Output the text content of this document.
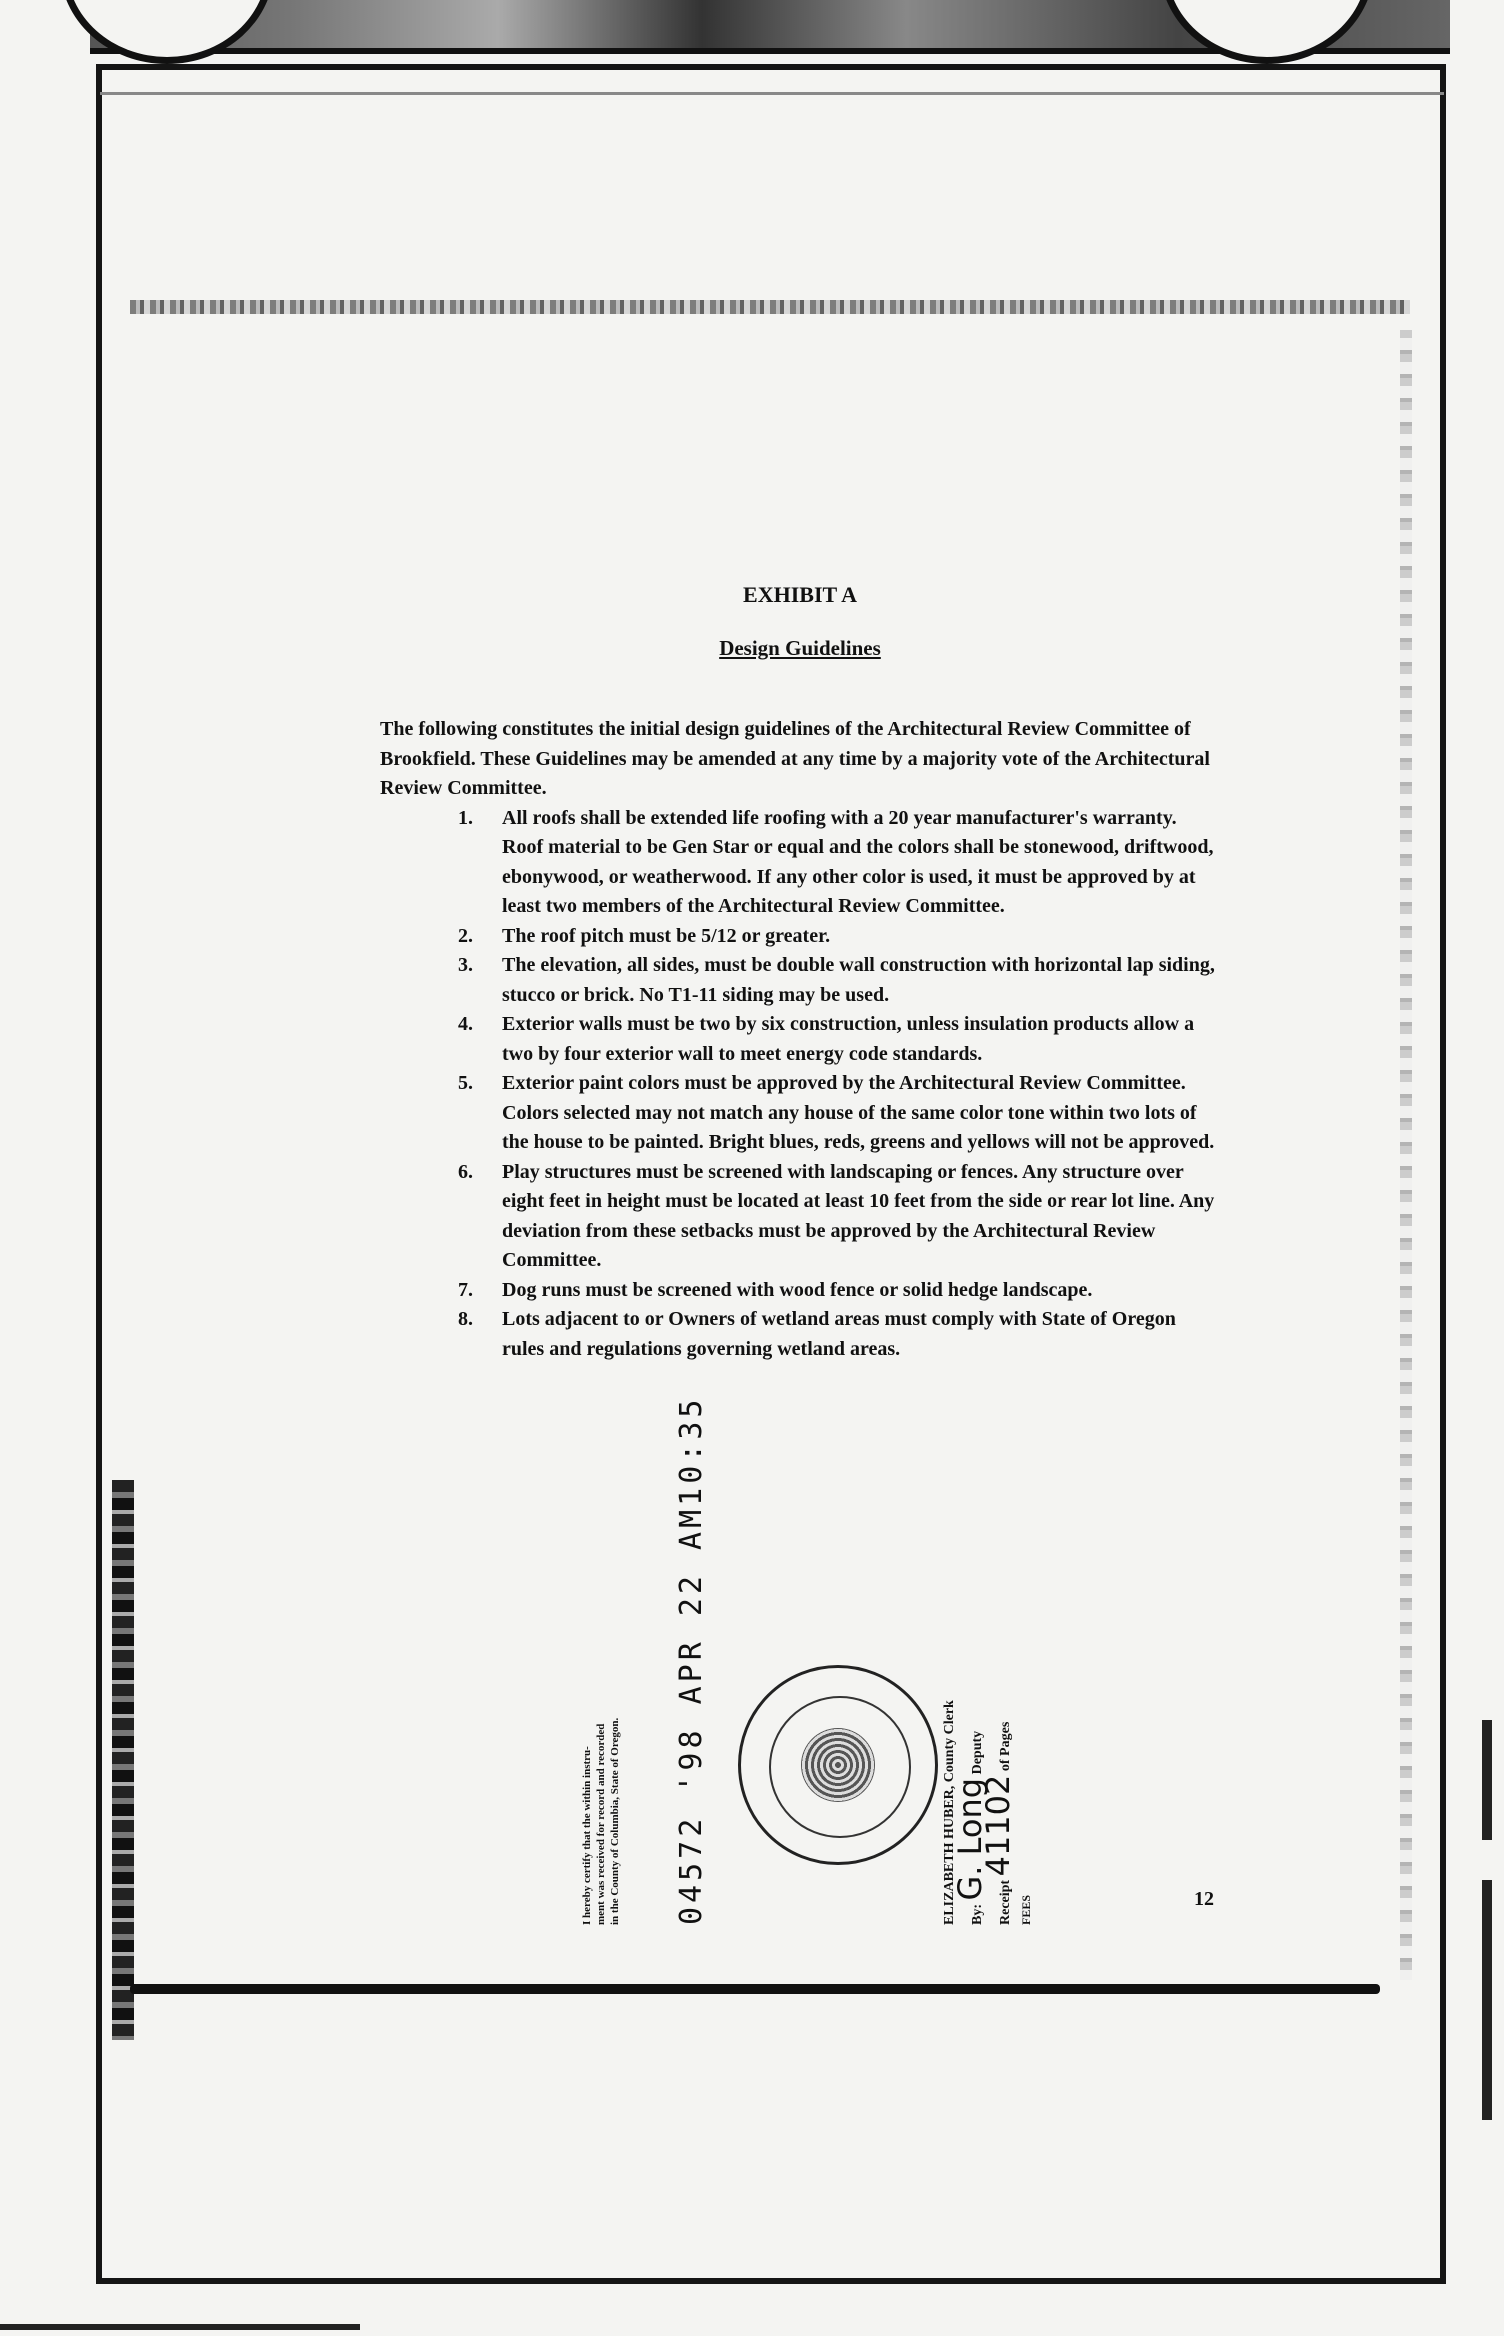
EXHIBIT A

Design Guidelines

The following constitutes the initial design guidelines of the Architectural Review Committee of Brookfield. These Guidelines may be amended at any time by a majority vote of the Architectural Review Committee.

1. All roofs shall be extended life roofing with a 20 year manufacturer's warranty. Roof material to be Gen Star or equal and the colors shall be stonewood, driftwood, ebonywood, or weatherwood. If any other color is used, it must be approved by at least two members of the Architectural Review Committee.
2. The roof pitch must be 5/12 or greater.
3. The elevation, all sides, must be double wall construction with horizontal lap siding, stucco or brick. No T1-11 siding may be used.
4. Exterior walls must be two by six construction, unless insulation products allow a two by four exterior wall to meet energy code standards.
5. Exterior paint colors must be approved by the Architectural Review Committee. Colors selected may not match any house of the same color tone within two lots of the house to be painted. Bright blues, reds, greens and yellows will not be approved.
6. Play structures must be screened with landscaping or fences. Any structure over eight feet in height must be located at least 10 feet from the side or rear lot line. Any deviation from these setbacks must be approved by the Architectural Review Committee.
7. Dog runs must be screened with wood fence or solid hedge landscape.
8. Lots adjacent to or Owners of wetland areas must comply with State of Oregon rules and regulations governing wetland areas.
I hereby certify that the within instru- ment was received for record and recorded in the County of Columbia, State of Oregon. 04572 '98 APR 22 AM10:35	ELIZABETH HUBER, County Clerk By: G. Long Deputy
Receipt 41102 of Pages
FEES	12
